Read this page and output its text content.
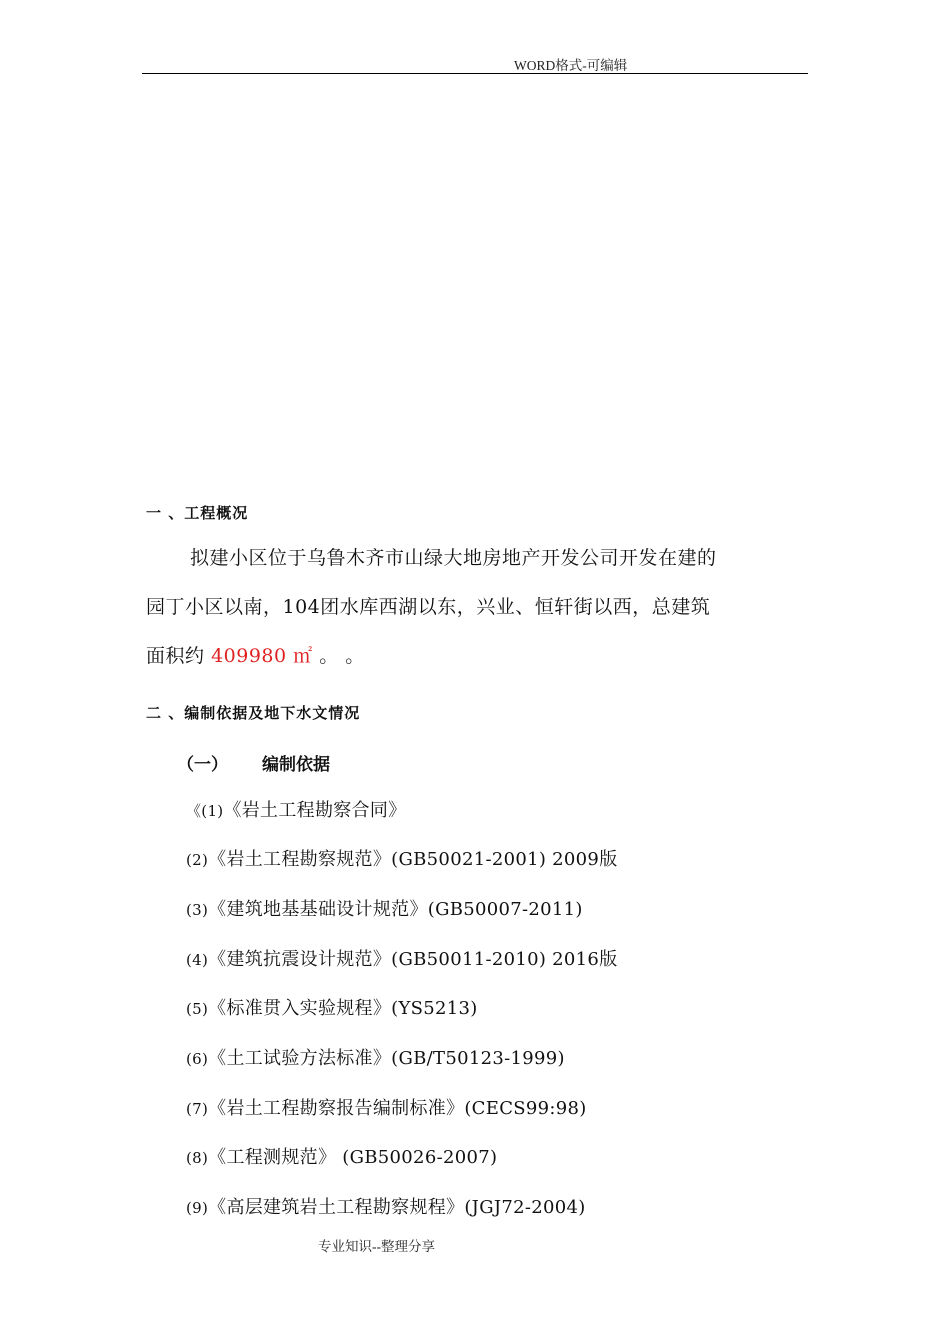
WORD格式-可编辑
一 、工程概况
拟建小区位于乌鲁木齐市山绿大地房地产开发公司开发在建的
园丁小区以南，104团水库西湖以东，兴业、恒轩街以西，总建筑
面积约 409980 ㎡ 。 。
二 、编制依据及地下水文情况
（一） 编制依据
《(1)《岩土工程勘察合同》
(2)《岩土工程勘察规范》(GB50021-2001) 2009版
(3)《建筑地基基础设计规范》(GB50007-2011)
(4)《建筑抗震设计规范》(GB50011-2010) 2016版
(5)《标准贯入实验规程》(YS5213)
(6)《土工试验方法标准》(GB/T50123-1999)
(7)《岩土工程勘察报告编制标准》(CECS99:98)
(8)《工程测规范》 (GB50026-2007)
(9)《高层建筑岩土工程勘察规程》(JGJ72-2004)
专业知识--整理分享
